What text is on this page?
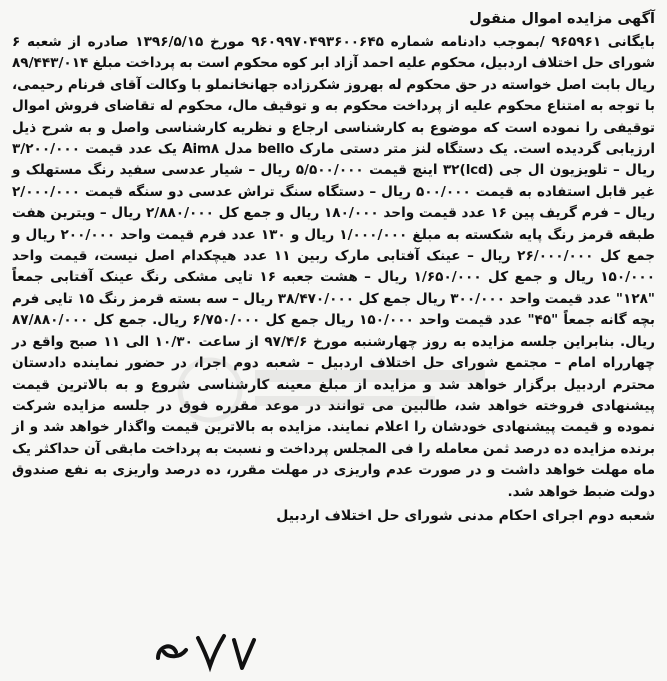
آگهی مزایده اموال منقول

بایگانی ۹۶۵۹۶۱ /بموجب دادنامه شماره ۹۶۰۹۹۷۰۴۹۳۶۰۰۶۴۵ مورخ ۱۳۹۶/۵/۱۵ صادره از شعبه ۶ شورای حل اختلاف اردبیل، محکوم علیه احمد آزاد ابر کوه محکوم است به پرداخت مبلغ ۸۹/۴۴۳/۰۱۴ ریال بابت اصل خواسته در حق محکوم له بهروز شکرزاده جهانخانملو با وکالت آقای فرنام رحیمی، با توجه به امتناع محکوم علیه از پرداخت محکوم به و توقیف مال، محکوم له تقاضای فروش اموال توقیفی را نموده است که موضوع به کارشناسی ارجاع و نظریه کارشناسی واصل و به شرح ذیل ارزیابی گردیده است. یک دستگاه لنز متر دستی مارک bello مدل Aim۸ یک عدد قیمت ۳/۲۰۰/۰۰۰ ریال – تلویزیون ال جی (lcd)۳۲ اینچ قیمت ۵/۵۰۰/۰۰۰ ریال – شیار عدسی سفید رنگ مستهلک و غیر قابل استفاده به قیمت ۵۰۰/۰۰۰ ریال – دستگاه سنگ تراش عدسی دو سنگه قیمت ۲/۰۰۰/۰۰۰ ریال – فرم گریف پین ۱۶ عدد قیمت واحد ۱۸۰/۰۰۰ ریال و جمع کل ۲/۸۸۰/۰۰۰ ریال – ویترین هفت طبقه قرمز رنگ پایه شکسته به مبلغ ۱/۰۰۰/۰۰۰ ریال و ۱۳۰ عدد فرم قیمت واحد ۲۰۰/۰۰۰ ریال و جمع کل ۲۶/۰۰۰/۰۰۰ ریال – عینک آفتابی مارک ربین ۱۱ عدد هیچکدام اصل نیست، قیمت واحد ۱۵۰/۰۰۰ ریال و جمع کل ۱/۶۵۰/۰۰۰ ریال – هشت جعبه ۱۶ تایی مشکی رنگ عینک آفتابی جمعاً "۱۲۸" عدد قیمت واحد ۳۰۰/۰۰۰ ریال جمع کل ۳۸/۴۷۰/۰۰۰ ریال – سه بسته قرمز رنگ ۱۵ تایی فرم بچه گانه جمعاً "۴۵" عدد قیمت واحد ۱۵۰/۰۰۰ ریال جمع کل ۶/۷۵۰/۰۰۰ ریال. جمع کل ۸۷/۸۸۰/۰۰۰ ریال. بنابراین جلسه مزایده به روز چهارشنبه مورخ ۹۷/۴/۶ از ساعت ۱۰/۳۰ الی ۱۱ صبح واقع در چهارراه امام – مجتمع شورای حل اختلاف اردبیل – شعبه دوم اجرا، در حضور نماینده دادستان محترم اردبیل برگزار خواهد شد و مزایده از مبلغ معینه کارشناسی شروع و به بالاترین قیمت پیشنهادی فروخته خواهد شد، طالبین می توانند در موعد مقرره فوق در جلسه مزایده شرکت نموده و قیمت پیشنهادی خودشان را اعلام نمایند. مزایده به بالاترین قیمت واگذار خواهد شد و از برنده مزایده ده درصد ثمن معامله را فی المجلس پرداخت و نسبت به پرداخت مابقی آن حداکثر یک ماه مهلت خواهد داشت و در صورت عدم واریزی در مهلت مقرر، ده درصد واریزی به نفع صندوق دولت ضبط خواهد شد.

شعبه دوم اجرای احکام مدنی شورای حل اختلاف اردبیل
